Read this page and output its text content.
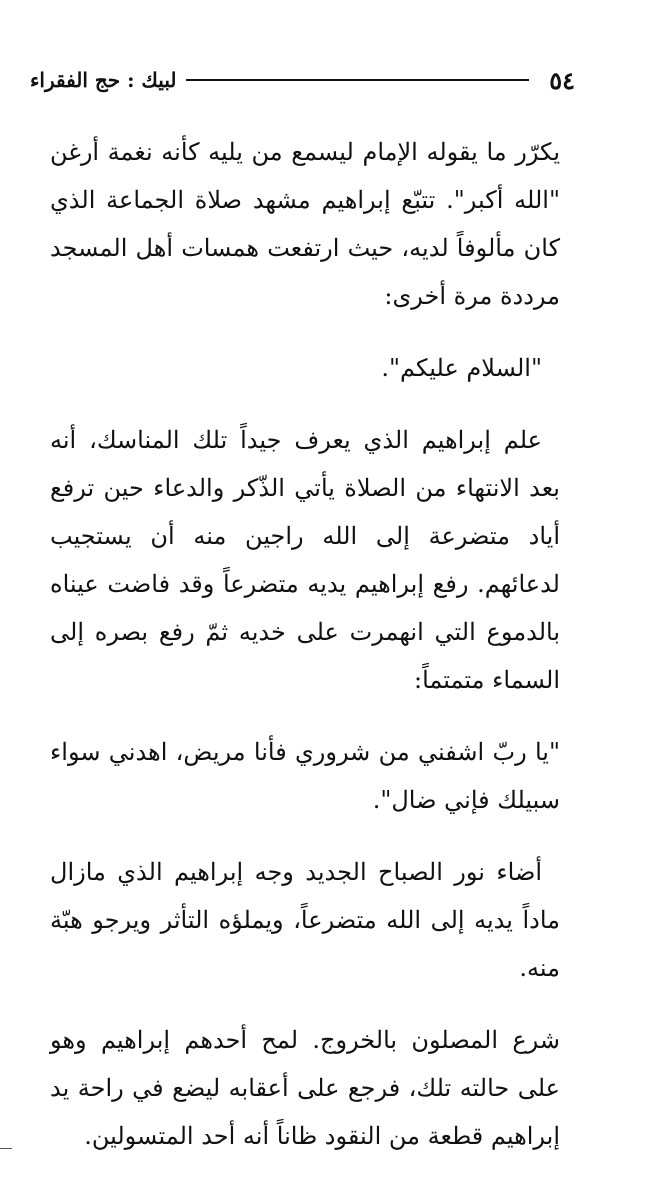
٥٤
لبيك : حج الفقراء

يكرّر ما يقوله الإمام ليسمع من يليه كأنه نغمة أرغن "الله أكبر". تتبّع إبراهيم مشهد صلاة الجماعة الذي كان مألوفاً لديه، حيث ارتفعت همسات أهل المسجد مرددة مرة أخرى:

"السلام عليكم".

علم إبراهيم الذي يعرف جيداً تلك المناسك، أنه بعد الانتهاء من الصلاة يأتي الذّكر والدعاء حين ترفع أياد متضرعة إلى الله راجين منه أن يستجيب لدعائهم. رفع إبراهيم يديه متضرعاً وقد فاضت عيناه بالدموع التي انهمرت على خديه ثمّ رفع بصره إلى السماء متمتماً:

"يا ربّ اشفني من شروري فأنا مريض، اهدني سواء سبيلك فإني ضال".

أضاء نور الصباح الجديد وجه إبراهيم الذي مازال ماداً يديه إلى الله متضرعاً، ويملؤه التأثر ويرجو هبّة منه.

شرع المصلون بالخروج. لمح أحدهم إبراهيم وهو على حالته تلك، فرجع على أعقابه ليضع في راحة يد إبراهيم قطعة من النقود ظاناً أنه أحد المتسولين.
